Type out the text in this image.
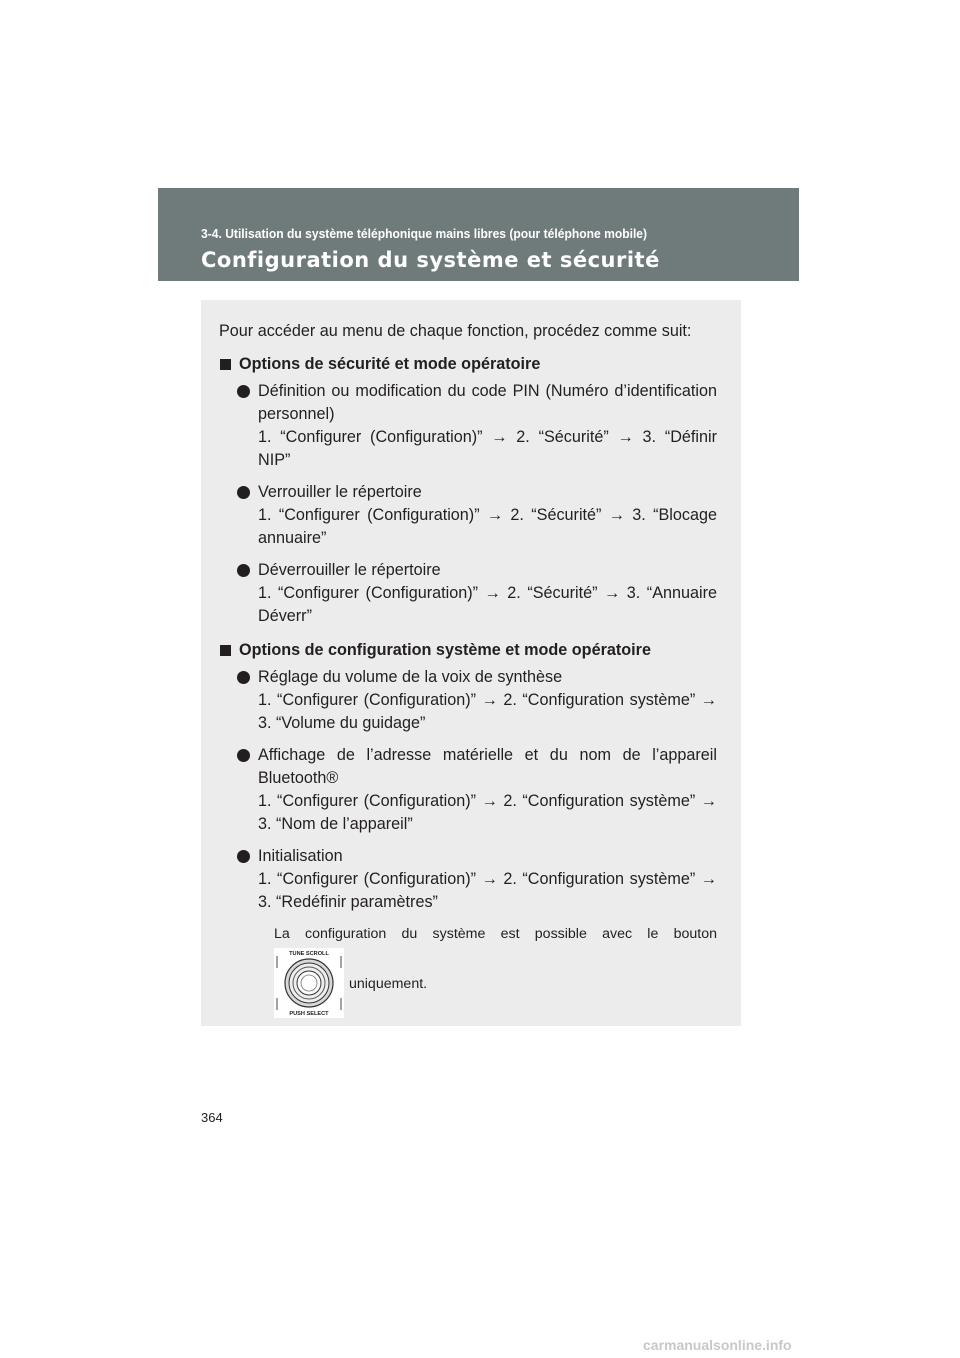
3-4. Utilisation du système téléphonique mains libres (pour téléphone mobile)
Configuration du système et sécurité

Pour accéder au menu de chaque fonction, procédez comme suit:

Options de sécurité et mode opératoire

Définition ou modification du code PIN (Numéro d’identification personnel)

1. “Configurer (Configuration)” → 2. “Sécurité” → 3. “Définir NIP”

Verrouiller le répertoire

1. “Configurer (Configuration)” → 2. “Sécurité” → 3. “Blocage annuaire”

Déverrouiller le répertoire

1. “Configurer (Configuration)” → 2. “Sécurité” → 3. “Annuaire Déverr”

Options de configuration système et mode opératoire

Réglage du volume de la voix de synthèse

1. “Configurer (Configuration)” → 2. “Configuration système” → 3. “Volume du guidage”

Affichage de l’adresse matérielle et du nom de l’appareil Bluetooth®

1. “Configurer (Configuration)” → 2. “Configuration système” → 3. “Nom de l’appareil”

Initialisation

1. “Configurer (Configuration)” → 2. “Configuration système” → 3. “Redéfinir paramètres”

La configuration du système est possible avec le bouton

TUNE SCROLL
PUSH SELECT
uniquement.
364
carmanualsonline.info
